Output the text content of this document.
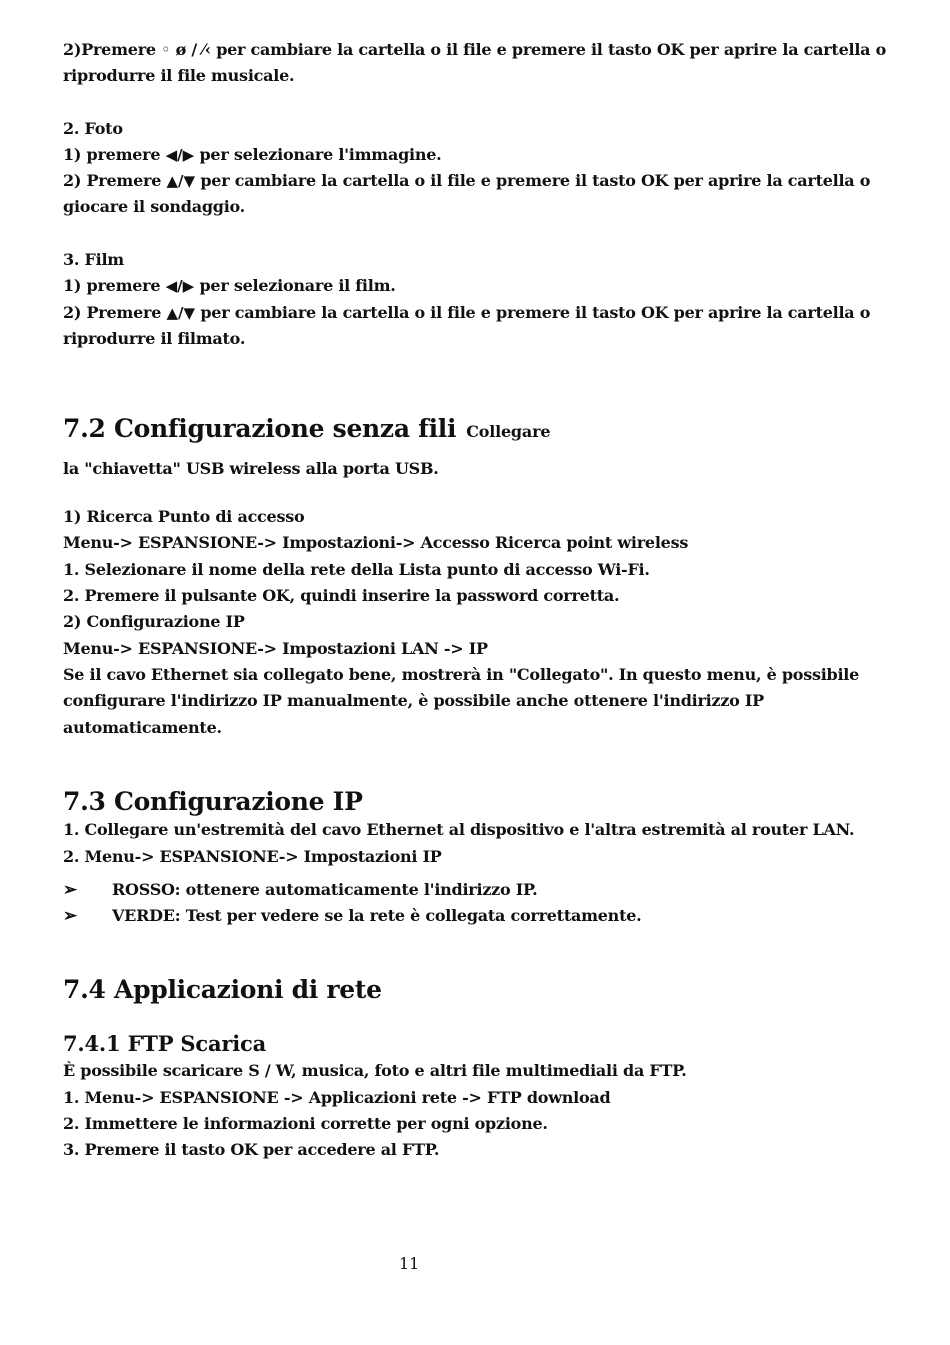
2)Premere ◦ ø / ⁄‹ per cambiare la cartella o il file e premere il tasto OK per aprire la cartella o
riprodurre il file musicale.
2. Foto
1) premere ◀/▶ per selezionare l'immagine.
2) Premere ▲/▼ per cambiare la cartella o il file e premere il tasto OK per aprire la cartella o
giocare il sondaggio.
3. Film
1) premere ◀/▶ per selezionare il film.
2) Premere ▲/▼ per cambiare la cartella o il file e premere il tasto OK per aprire la cartella o
riprodurre il filmato.
7.2 Configurazione senza fili Collegare
la "chiavetta" USB wireless alla porta USB.
1) Ricerca Punto di accesso
Menu-> ESPANSIONE-> Impostazioni-> Accesso Ricerca point wireless
1. Selezionare il nome della rete della Lista punto di accesso Wi-Fi.
2. Premere il pulsante OK, quindi inserire la password corretta.
2) Configurazione IP
Menu-> ESPANSIONE-> Impostazioni LAN -> IP
Se il cavo Ethernet sia collegato bene, mostrerà in "Collegato". In questo menu, è possibile
configurare l'indirizzo IP manualmente, è possibile anche ottenere l'indirizzo IP
automaticamente.
7.3 Configurazione IP
1. Collegare un'estremità del cavo Ethernet al dispositivo e l'altra estremità al router LAN.
2. Menu-> ESPANSIONE-> Impostazioni IP
➢ ROSSO: ottenere automaticamente l'indirizzo IP.
➢ VERDE: Test per vedere se la rete è collegata correttamente.
7.4 Applicazioni di rete
7.4.1 FTP Scarica
È possibile scaricare S / W, musica, foto e altri file multimediali da FTP.
1. Menu-> ESPANSIONE -> Applicazioni rete -> FTP download
2. Immettere le informazioni corrette per ogni opzione.
3. Premere il tasto OK per accedere al FTP.
11
